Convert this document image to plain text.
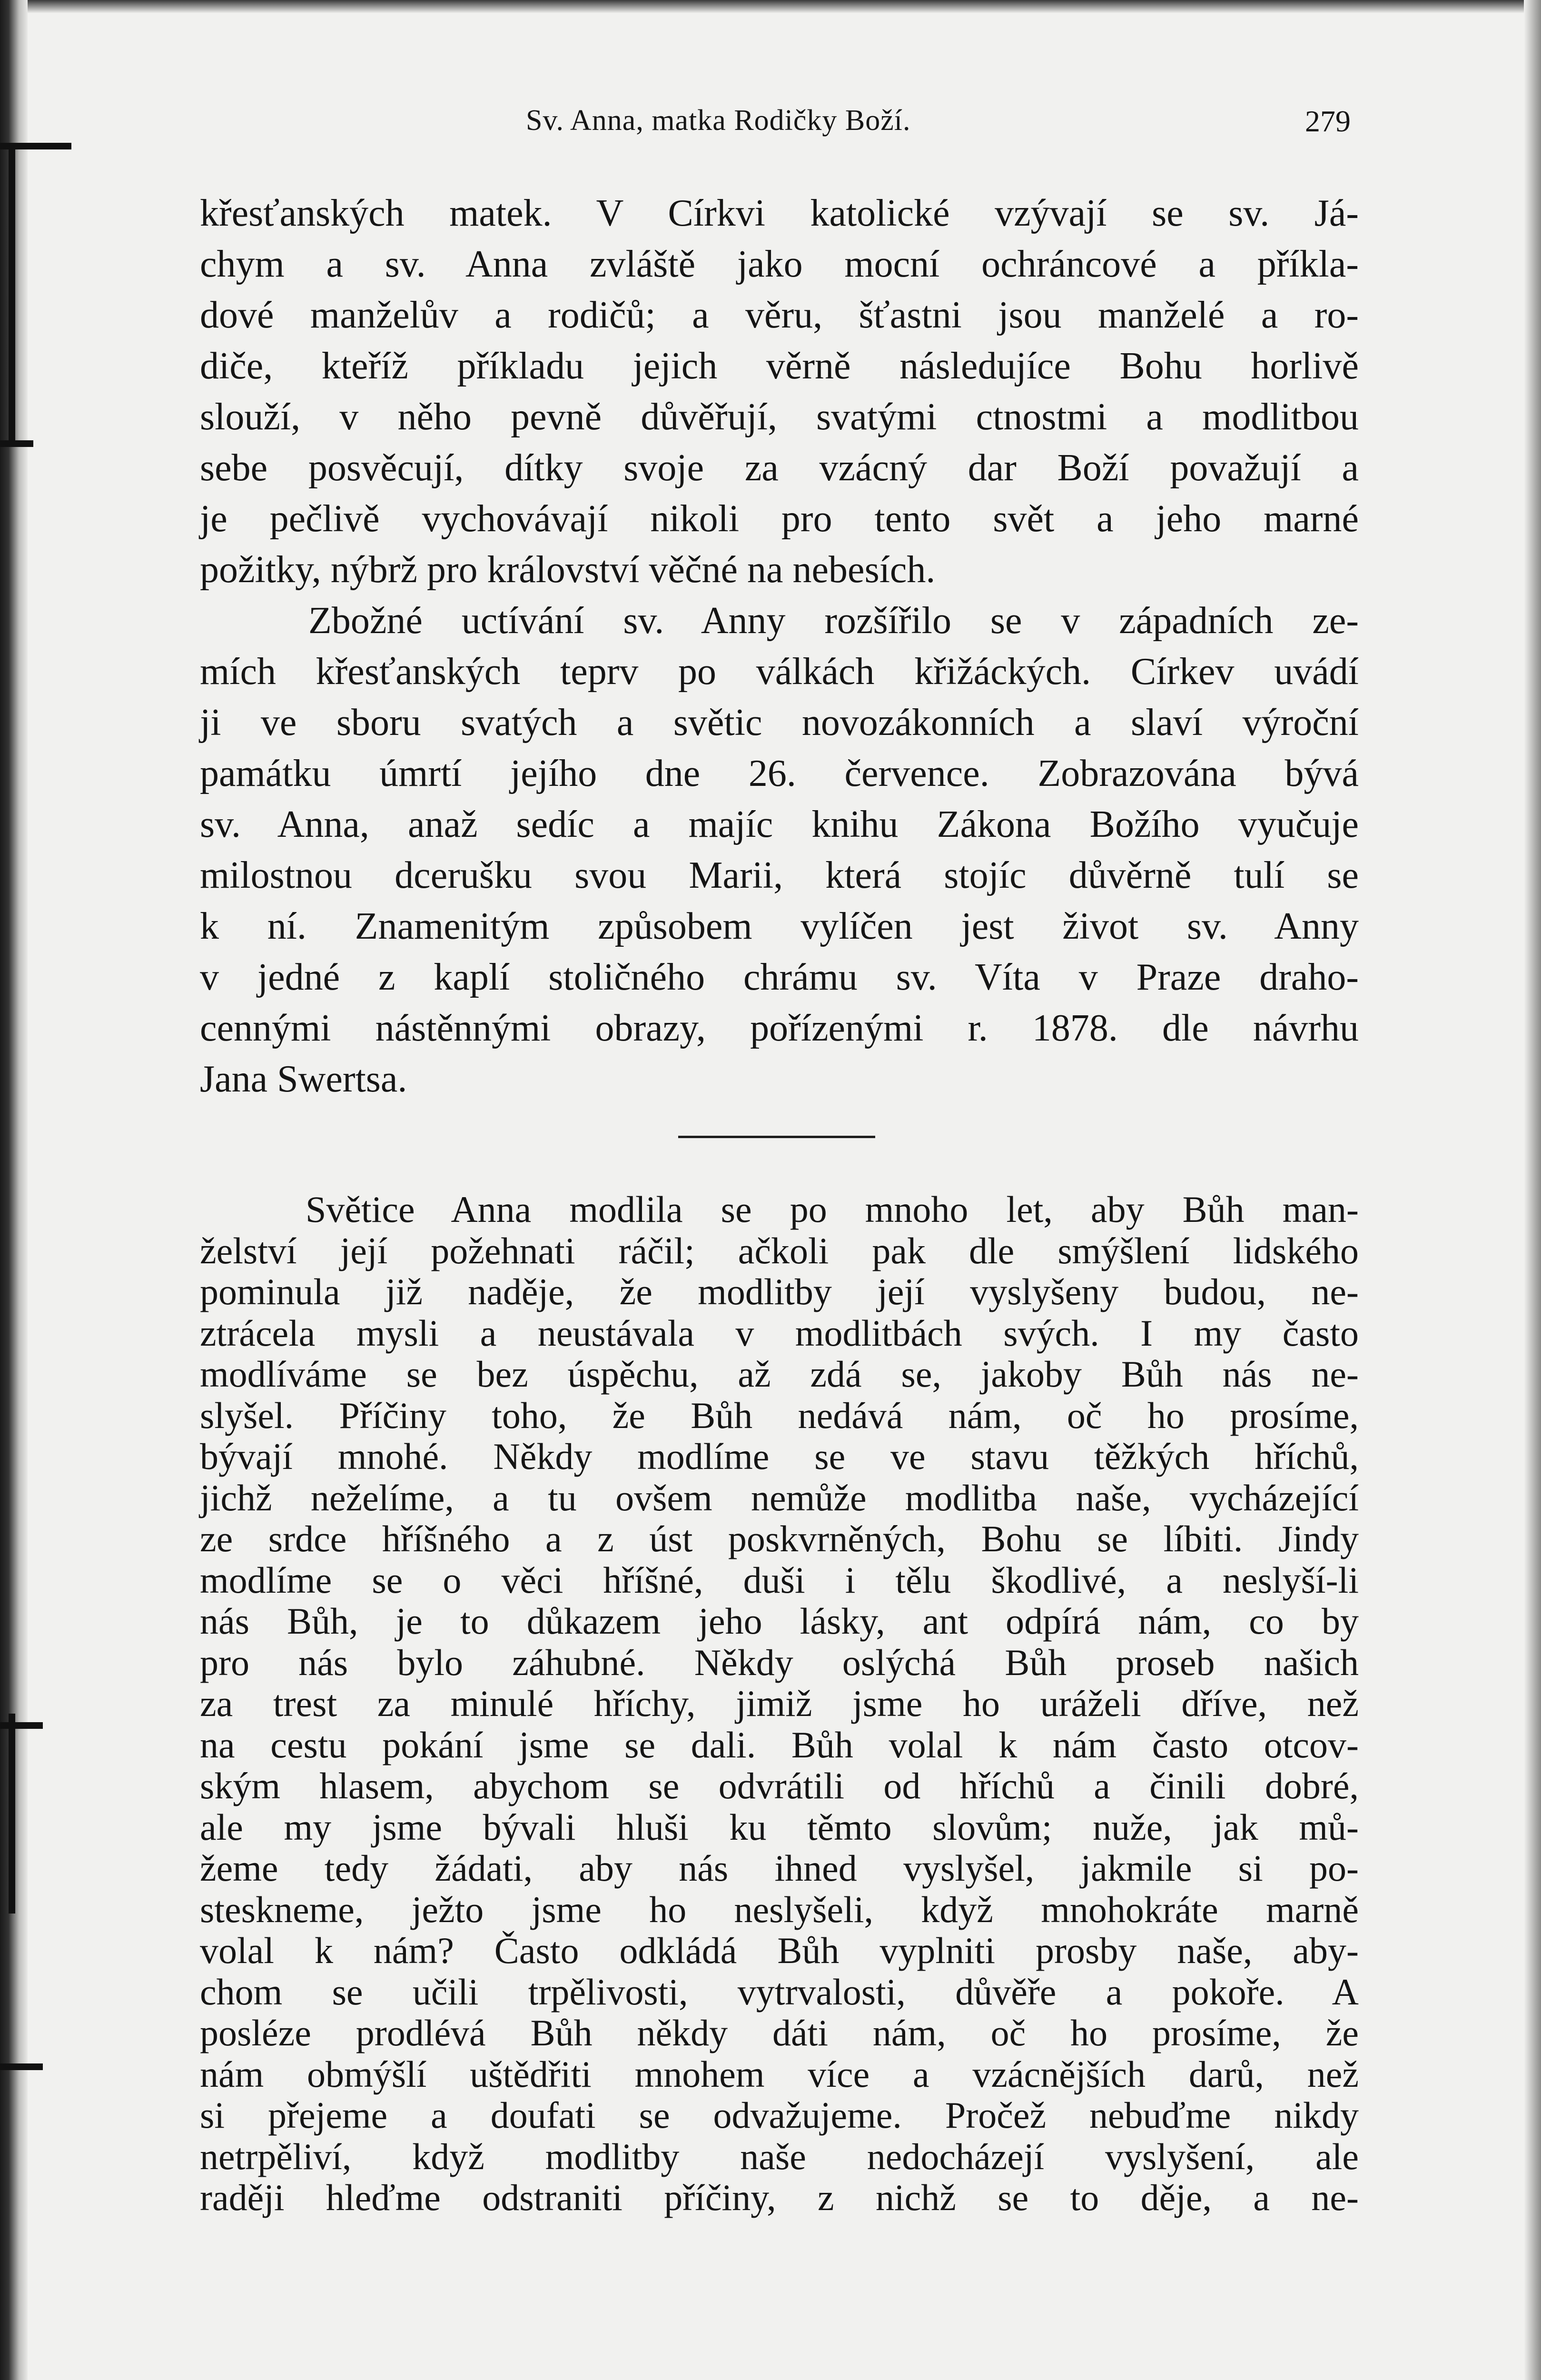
Sv. Anna, matka Rodičky Boží.	279
křesťanských matek. V Církvi katolické vzývají se sv. Já-
chym a sv. Anna zvláště jako mocní ochráncové a příkla-
dové manželův a rodičů; a věru, šťastni jsou manželé a ro-
diče, kteříž příkladu jejich věrně následujíce Bohu horlivě
slouží, v něho pevně důvěřují, svatými ctnostmi a modlitbou
sebe posvěcují, dítky svoje za vzácný dar Boží považují a
je pečlivě vychovávají nikoli pro tento svět a jeho marné
požitky, nýbrž pro království věčné na nebesích.
Zbožné uctívání sv. Anny rozšířilo se v západních ze-
mích křesťanských teprv po válkách křižáckých. Církev uvádí
ji ve sboru svatých a světic novozákonních a slaví výroční
památku úmrtí jejího dne 26. července. Zobrazována bývá
sv. Anna, anaž sedíc a majíc knihu Zákona Božího vyučuje
milostnou dcerušku svou Marii, která stojíc důvěrně tulí se
k ní. Znamenitým způsobem vylíčen jest život sv. Anny
v jedné z kaplí stoličného chrámu sv. Víta v Praze draho-
cennými nástěnnými obrazy, pořízenými r. 1878. dle návrhu
Jana Swertsa.
Světice Anna modlila se po mnoho let, aby Bůh man-
želství její požehnati ráčil; ačkoli pak dle smýšlení lidského
pominula již naděje, že modlitby její vyslyšeny budou, ne-
ztrácela mysli a neustávala v modlitbách svých. I my často
modlíváme se bez úspěchu, až zdá se, jakoby Bůh nás ne-
slyšel. Příčiny toho, že Bůh nedává nám, oč ho prosíme,
bývají mnohé. Někdy modlíme se ve stavu těžkých hříchů,
jichž neželíme, a tu ovšem nemůže modlitba naše, vycházející
ze srdce hříšného a z úst poskvrněných, Bohu se líbiti. Jindy
modlíme se o věci hříšné, duši i tělu škodlivé, a neslyší-li
nás Bůh, je to důkazem jeho lásky, ant odpírá nám, co by
pro nás bylo záhubné. Někdy oslýchá Bůh proseb našich
za trest za minulé hříchy, jimiž jsme ho uráželi dříve, než
na cestu pokání jsme se dali. Bůh volal k nám často otcov-
ským hlasem, abychom se odvrátili od hříchů a činili dobré,
ale my jsme bývali hluši ku těmto slovům; nuže, jak mů-
žeme tedy žádati, aby nás ihned vyslyšel, jakmile si po-
steskneme, ježto jsme ho neslyšeli, když mnohokráte marně
volal k nám? Často odkládá Bůh vyplniti prosby naše, aby-
chom se učili trpělivosti, vytrvalosti, důvěře a pokoře. A
posléze prodlévá Bůh někdy dáti nám, oč ho prosíme, že
nám obmýšlí uštědřiti mnohem více a vzácnějších darů, než
si přejeme a doufati se odvažujeme. Pročež nebuďme nikdy
netrpěliví, když modlitby naše nedocházejí vyslyšení, ale
raději hleďme odstraniti příčiny, z nichž se to děje, a ne-
